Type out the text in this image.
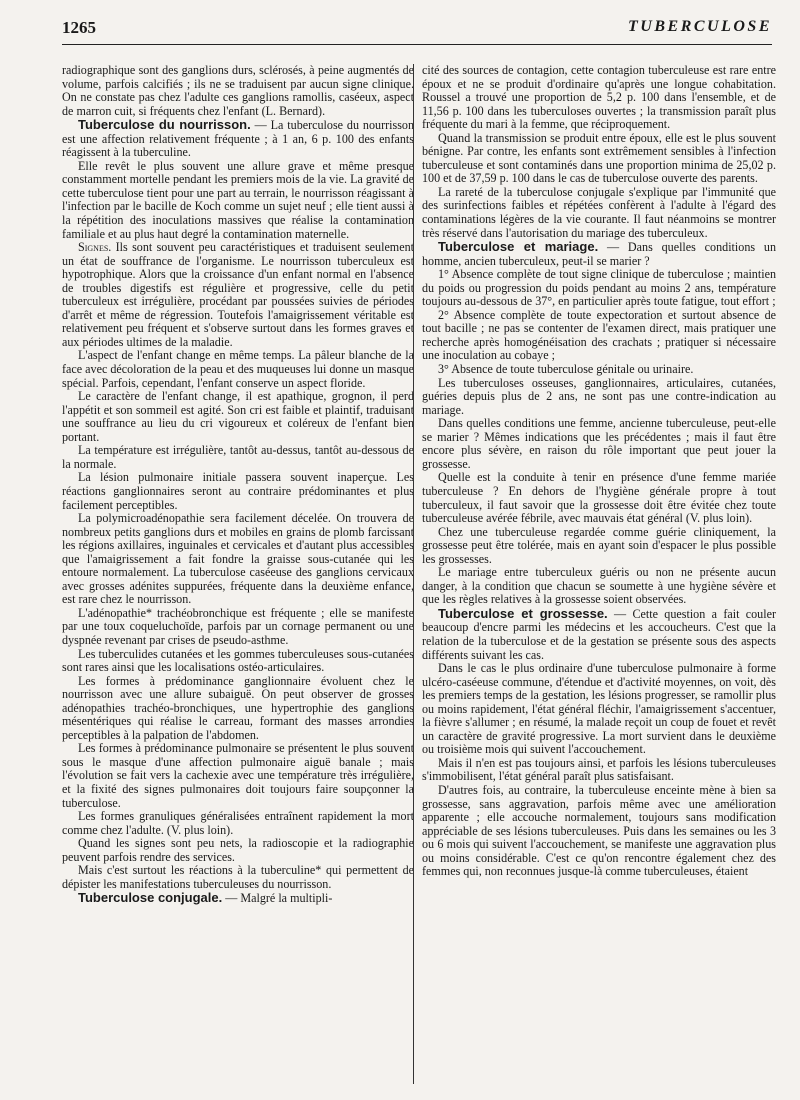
1265	TUBERCULOSE

radiographique sont des ganglions durs, sclérosés, à peine augmentés de volume, parfois calcifiés ; ils ne se traduisent par aucun signe clinique. On ne constate pas chez l'adulte ces ganglions ramollis, caséeux, aspect de marron cuit, si fréquents chez l'enfant (L. Bernard).

Tuberculose du nourrisson. — La tuberculose du nourrisson est une affection relativement fréquente ; à 1 an, 6 p. 100 des enfants réagissent à la tuberculine.

Elle revêt le plus souvent une allure grave et même presque constamment mortelle pendant les premiers mois de la vie. La gravité de cette tuberculose tient pour une part au terrain, le nourrisson réagissant à l'infection par le bacille de Koch comme un sujet neuf ; elle tient aussi à la répétition des inoculations massives que réalise la contamination familiale et au plus haut degré la contamination maternelle.

Signes. Ils sont souvent peu caractéristiques et traduisent seulement un état de souffrance de l'organisme. Le nourrisson tuberculeux est hypotrophique. Alors que la croissance d'un enfant normal en l'absence de troubles digestifs est régulière et progressive, celle du petit tuberculeux est irrégulière, procédant par poussées suivies de périodes d'arrêt et même de régression. Toutefois l'amaigrissement véritable est relativement peu fréquent et s'observe surtout dans les formes graves et aux périodes ultimes de la maladie.

L'aspect de l'enfant change en même temps. La pâleur blanche de la face avec décoloration de la peau et des muqueuses lui donne un masque spécial. Parfois, cependant, l'enfant conserve un aspect floride.

Le caractère de l'enfant change, il est apathique, grognon, il perd l'appétit et son sommeil est agité. Son cri est faible et plaintif, traduisant une souffrance au lieu du cri vigoureux et coléreux de l'enfant bien portant.

La température est irrégulière, tantôt au-dessus, tantôt au-dessous de la normale.

La lésion pulmonaire initiale passera souvent inaperçue. Les réactions ganglionnaires seront au contraire prédominantes et plus facilement perceptibles.

La polymicroadénopathie sera facilement décelée. On trouvera de nombreux petits ganglions durs et mobiles en grains de plomb farcissant les régions axillaires, inguinales et cervicales et d'autant plus accessibles que l'amaigrissement a fait fondre la graisse sous-cutanée qui les entoure normalement. La tuberculose caséeuse des ganglions cervicaux avec grosses adénites suppurées, fréquente dans la deuxième enfance, est rare chez le nourrisson.

L'adénopathie* trachéobronchique est fréquente ; elle se manifeste par une toux coqueluchoïde, parfois par un cornage permanent ou une dyspnée revenant par crises de pseudo-asthme.

Les tuberculides cutanées et les gommes tuberculeuses sous-cutanées sont rares ainsi que les localisations ostéo-articulaires.

Les formes à prédominance ganglionnaire évoluent chez le nourrisson avec une allure subaiguë. On peut observer de grosses adénopathies trachéo-bronchiques, une hypertrophie des ganglions mésentériques qui réalise le carreau, formant des masses arrondies perceptibles à la palpation de l'abdomen.

Les formes à prédominance pulmonaire se présentent le plus souvent sous le masque d'une affection pulmonaire aiguë banale ; mais l'évolution se fait vers la cachexie avec une température très irrégulière, et la fixité des signes pulmonaires doit toujours faire soupçonner la tuberculose.

Les formes granuliques généralisées entraînent rapidement la mort comme chez l'adulte. (V. plus loin).

Quand les signes sont peu nets, la radioscopie et la radiographie peuvent parfois rendre des services.

Mais c'est surtout les réactions à la tuberculine* qui permettent de dépister les manifestations tuberculeuses du nourrisson.

Tuberculose conjugale. — Malgré la multipli-

cité des sources de contagion, cette contagion tuberculeuse est rare entre époux et ne se produit d'ordinaire qu'après une longue cohabitation. Roussel a trouvé une proportion de 5,2 p. 100 dans l'ensemble, et de 11,56 p. 100 dans les tuberculoses ouvertes ; la transmission paraît plus fréquente du mari à la femme, que réciproquement.

Quand la transmission se produit entre époux, elle est le plus souvent bénigne. Par contre, les enfants sont extrêmement sensibles à l'infection tuberculeuse et sont contaminés dans une proportion minima de 25,02 p. 100 et de 37,59 p. 100 dans le cas de tuberculose ouverte des parents.

La rareté de la tuberculose conjugale s'explique par l'immunité que des surinfections faibles et répétées confèrent à l'adulte à l'égard des contaminations légères de la vie courante. Il faut néanmoins se montrer très réservé dans l'autorisation du mariage des tuberculeux.

Tuberculose et mariage. — Dans quelles conditions un homme, ancien tuberculeux, peut-il se marier ?

1° Absence complète de tout signe clinique de tuberculose ; maintien du poids ou progression du poids pendant au moins 2 ans, température toujours au-dessous de 37°, en particulier après toute fatigue, tout effort ;

2° Absence complète de toute expectoration et surtout absence de tout bacille ; ne pas se contenter de l'examen direct, mais pratiquer une recherche après homogénéisation des crachats ; pratiquer si nécessaire une inoculation au cobaye ;

3° Absence de toute tuberculose génitale ou urinaire.

Les tuberculoses osseuses, ganglionnaires, articulaires, cutanées, guéries depuis plus de 2 ans, ne sont pas une contre-indication au mariage.

Dans quelles conditions une femme, ancienne tuberculeuse, peut-elle se marier ? Mêmes indications que les précédentes ; mais il faut être encore plus sévère, en raison du rôle important que peut jouer la grossesse.

Quelle est la conduite à tenir en présence d'une femme mariée tuberculeuse ? En dehors de l'hygiène générale propre à tout tuberculeux, il faut savoir que la grossesse doit être évitée chez toute tuberculeuse avérée fébrile, avec mauvais état général (V. plus loin).

Chez une tuberculeuse regardée comme guérie cliniquement, la grossesse peut être tolérée, mais en ayant soin d'espacer le plus possible les grossesses.

Le mariage entre tuberculeux guéris ou non ne présente aucun danger, à la condition que chacun se soumette à une hygiène sévère et que les règles relatives à la grossesse soient observées.

Tuberculose et grossesse. — Cette question a fait couler beaucoup d'encre parmi les médecins et les accoucheurs. C'est que la relation de la tuberculose et de la gestation se présente sous des aspects différents suivant les cas.

Dans le cas le plus ordinaire d'une tuberculose pulmonaire à forme ulcéro-caséeuse commune, d'étendue et d'activité moyennes, on voit, dès les premiers temps de la gestation, les lésions progresser, se ramollir plus ou moins rapidement, l'état général fléchir, l'amaigrissement s'accentuer, la fièvre s'allumer ; en résumé, la malade reçoit un coup de fouet et revêt un caractère de gravité progressive. La mort survient dans le deuxième ou troisième mois qui suivent l'accouchement.

Mais il n'en est pas toujours ainsi, et parfois les lésions tuberculeuses s'immobilisent, l'état général paraît plus satisfaisant.

D'autres fois, au contraire, la tuberculeuse enceinte mène à bien sa grossesse, sans aggravation, parfois même avec une amélioration apparente ; elle accouche normalement, toujours sans modification appréciable de ses lésions tuberculeuses. Puis dans les semaines ou les 3 ou 6 mois qui suivent l'accouchement, se manifeste une aggravation plus ou moins considérable. C'est ce qu'on rencontre également chez des femmes qui, non reconnues jusque-là comme tuberculeuses, étaient
